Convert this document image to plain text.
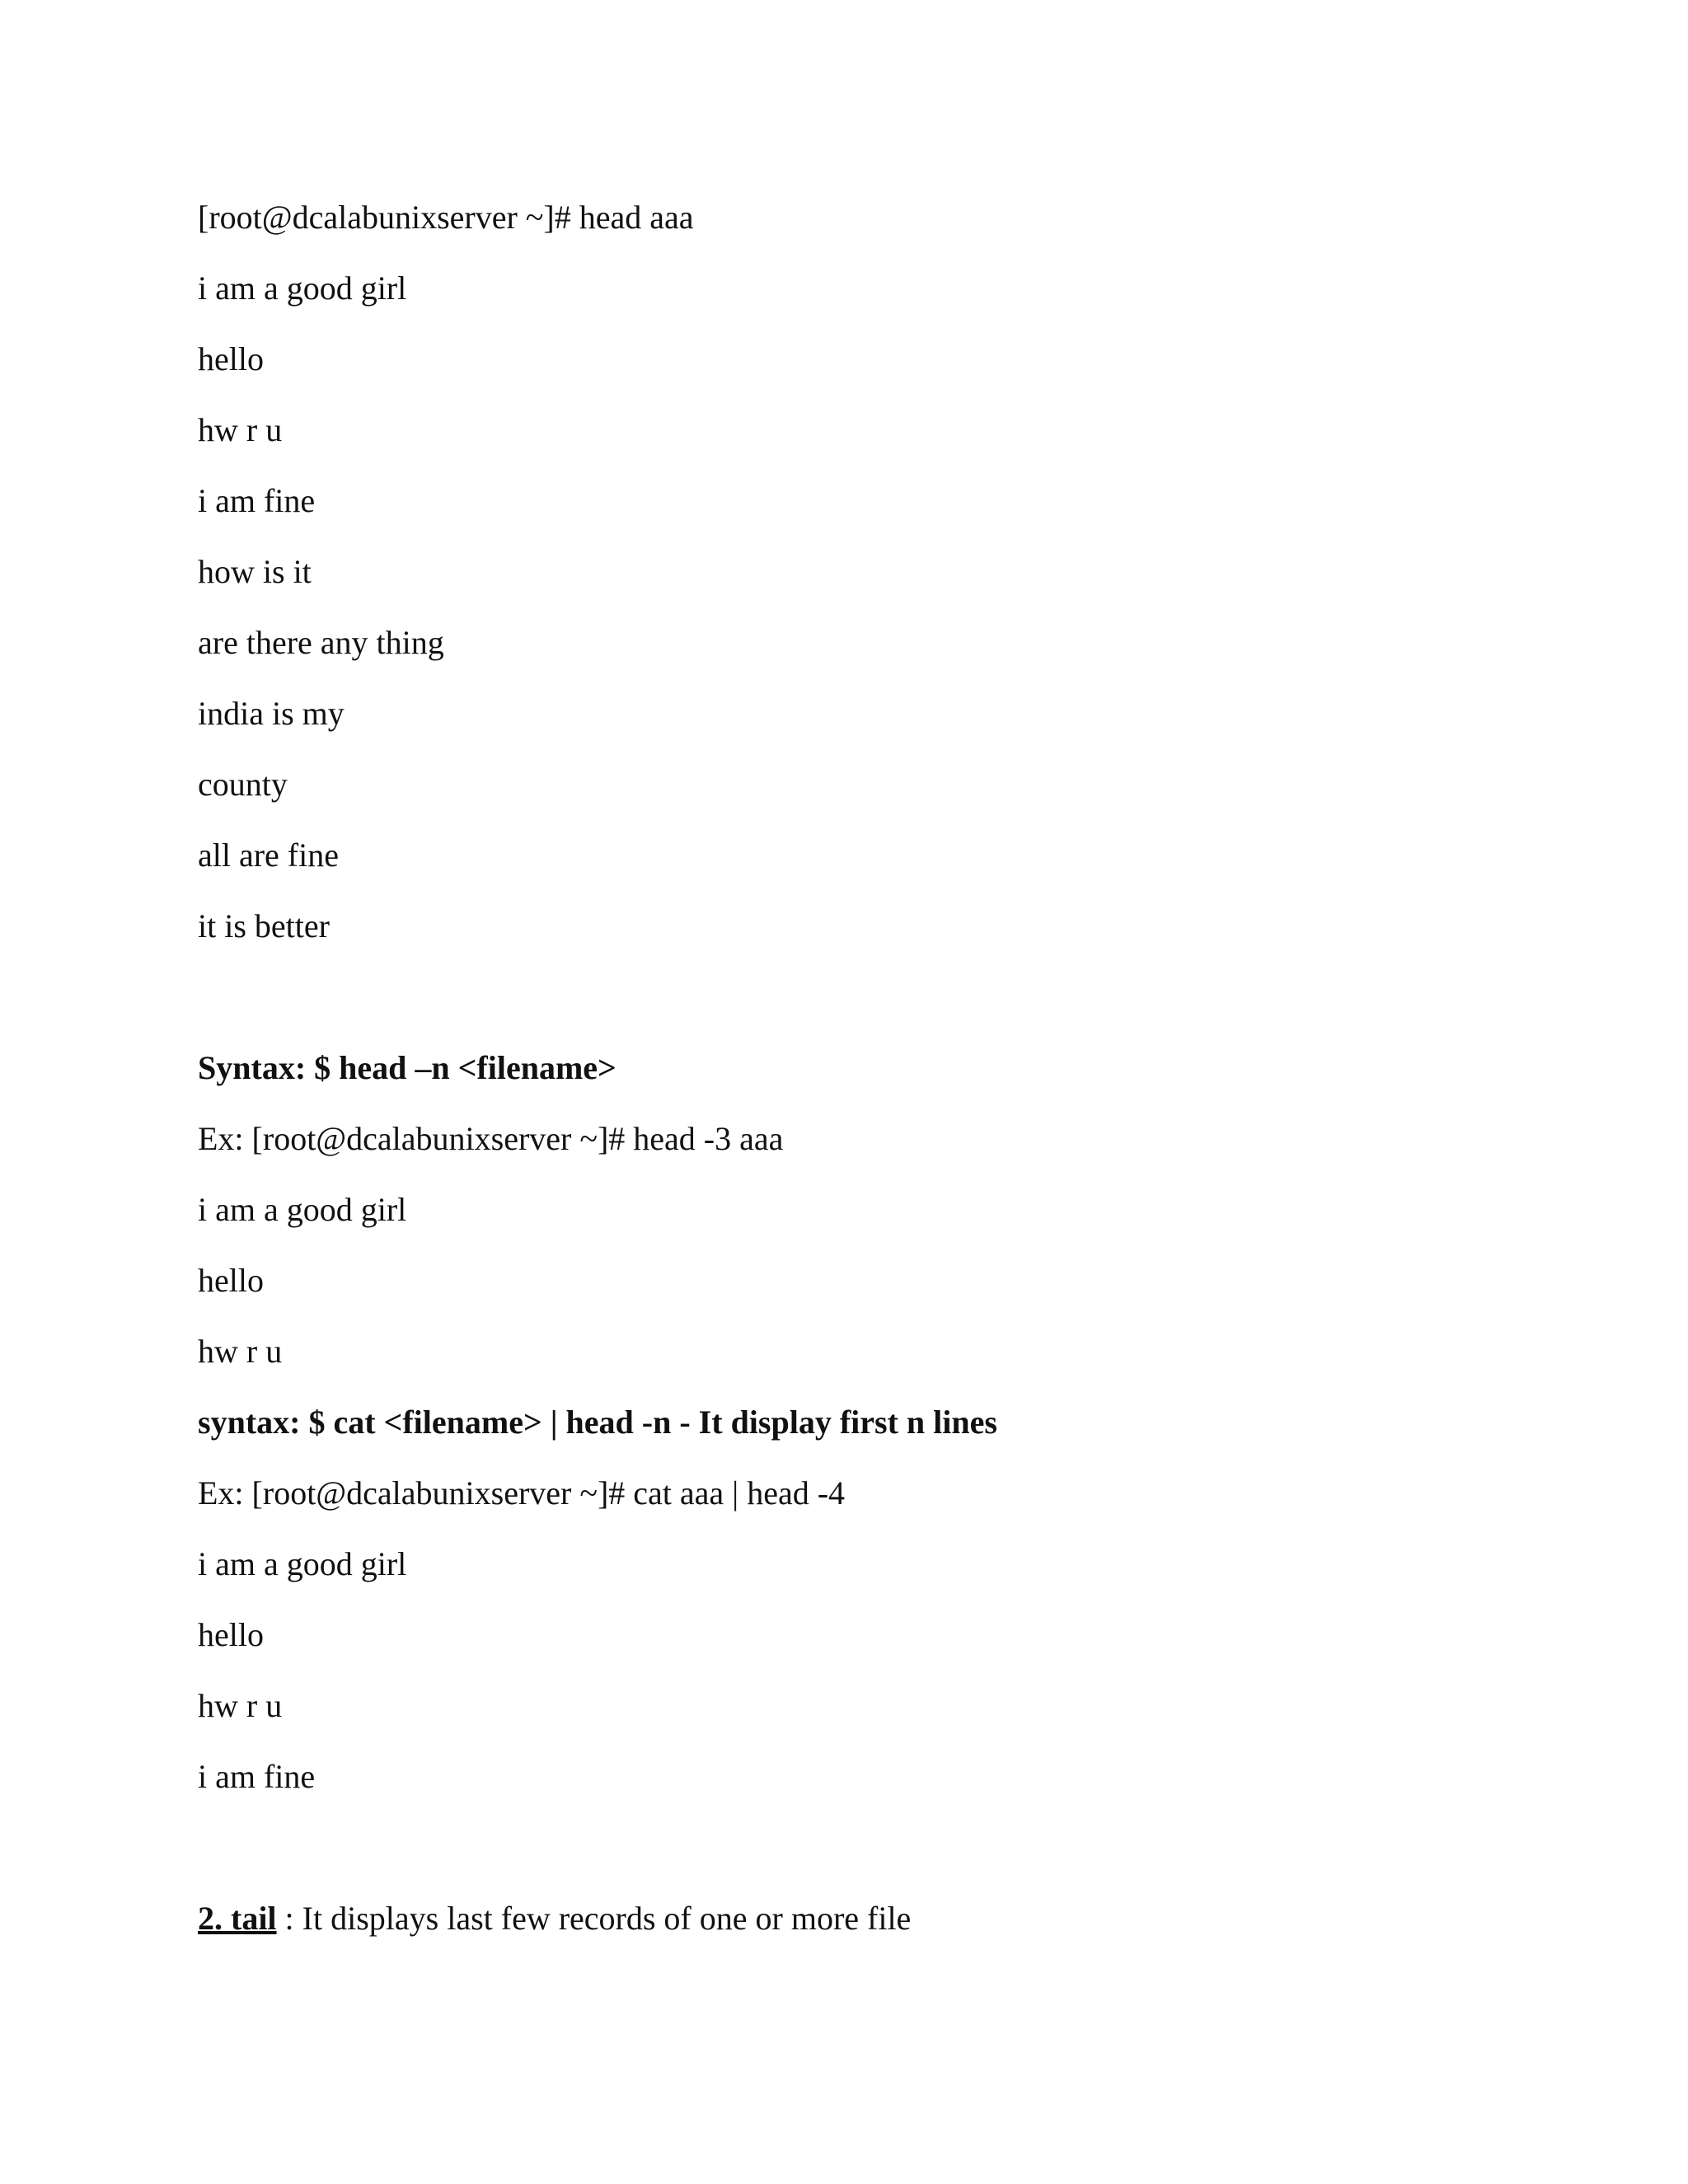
[root@dcalabunixserver ~]# head aaa

i am a good girl

hello

hw r u

i am fine

how is it

are there any thing

india is my

county

all are fine

it is better

Syntax: $ head –n <filename>

Ex: [root@dcalabunixserver ~]# head -3 aaa

i am a good girl

hello

hw r u

syntax: $ cat <filename> | head -n - It display first n lines

Ex: [root@dcalabunixserver ~]# cat aaa | head -4

i am a good girl

hello

hw r u

i am fine

2. tail : It displays last few records of one or more file
